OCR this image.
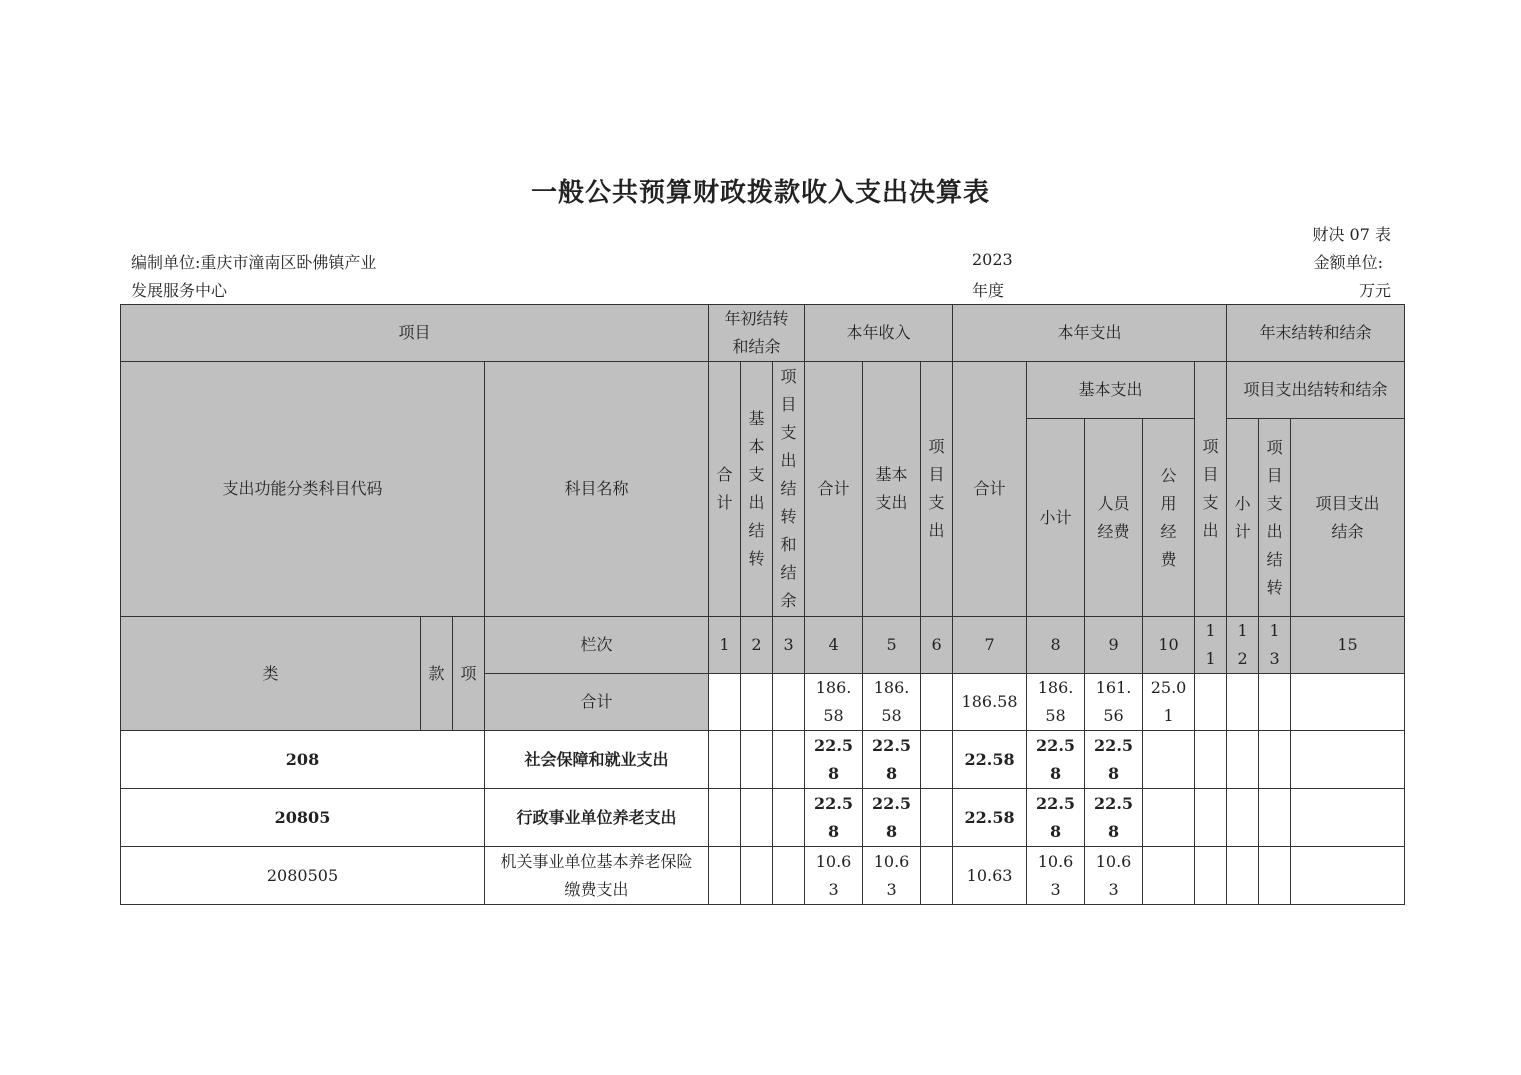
一般公共预算财政拨款收入支出决算表
财决 07 表
编制单位:重庆市潼南区卧佛镇产业
发展服务中心
2023
年度
金额单位:
万元
项目				年初结转和结余			本年收入			本年支出					年末结转和结余		
支出功能分类科目代码			科目名称	合计	基本支出结转	项目支出结转和结余	合计	基本支出	项目支出	合计	基本支出			项目支出	项目支出结转和结余		
											小计	人员经费	公用经费		小计	项目支出结转	项目支出结余
类	款	项	栏次	1	2	3	4	5	6	7	8	9	10	11	12	13	15
			合计				186.58	186.58		186.58	186.58	161.56	25.01				
208			社会保障和就业支出				22.58	22.58		22.58	22.58	22.58					
20805			行政事业单位养老支出				22.58	22.58		22.58	22.58	22.58					
2080505			机关事业单位基本养老保险缴费支出				10.63	10.63		10.63	10.63	10.63					
